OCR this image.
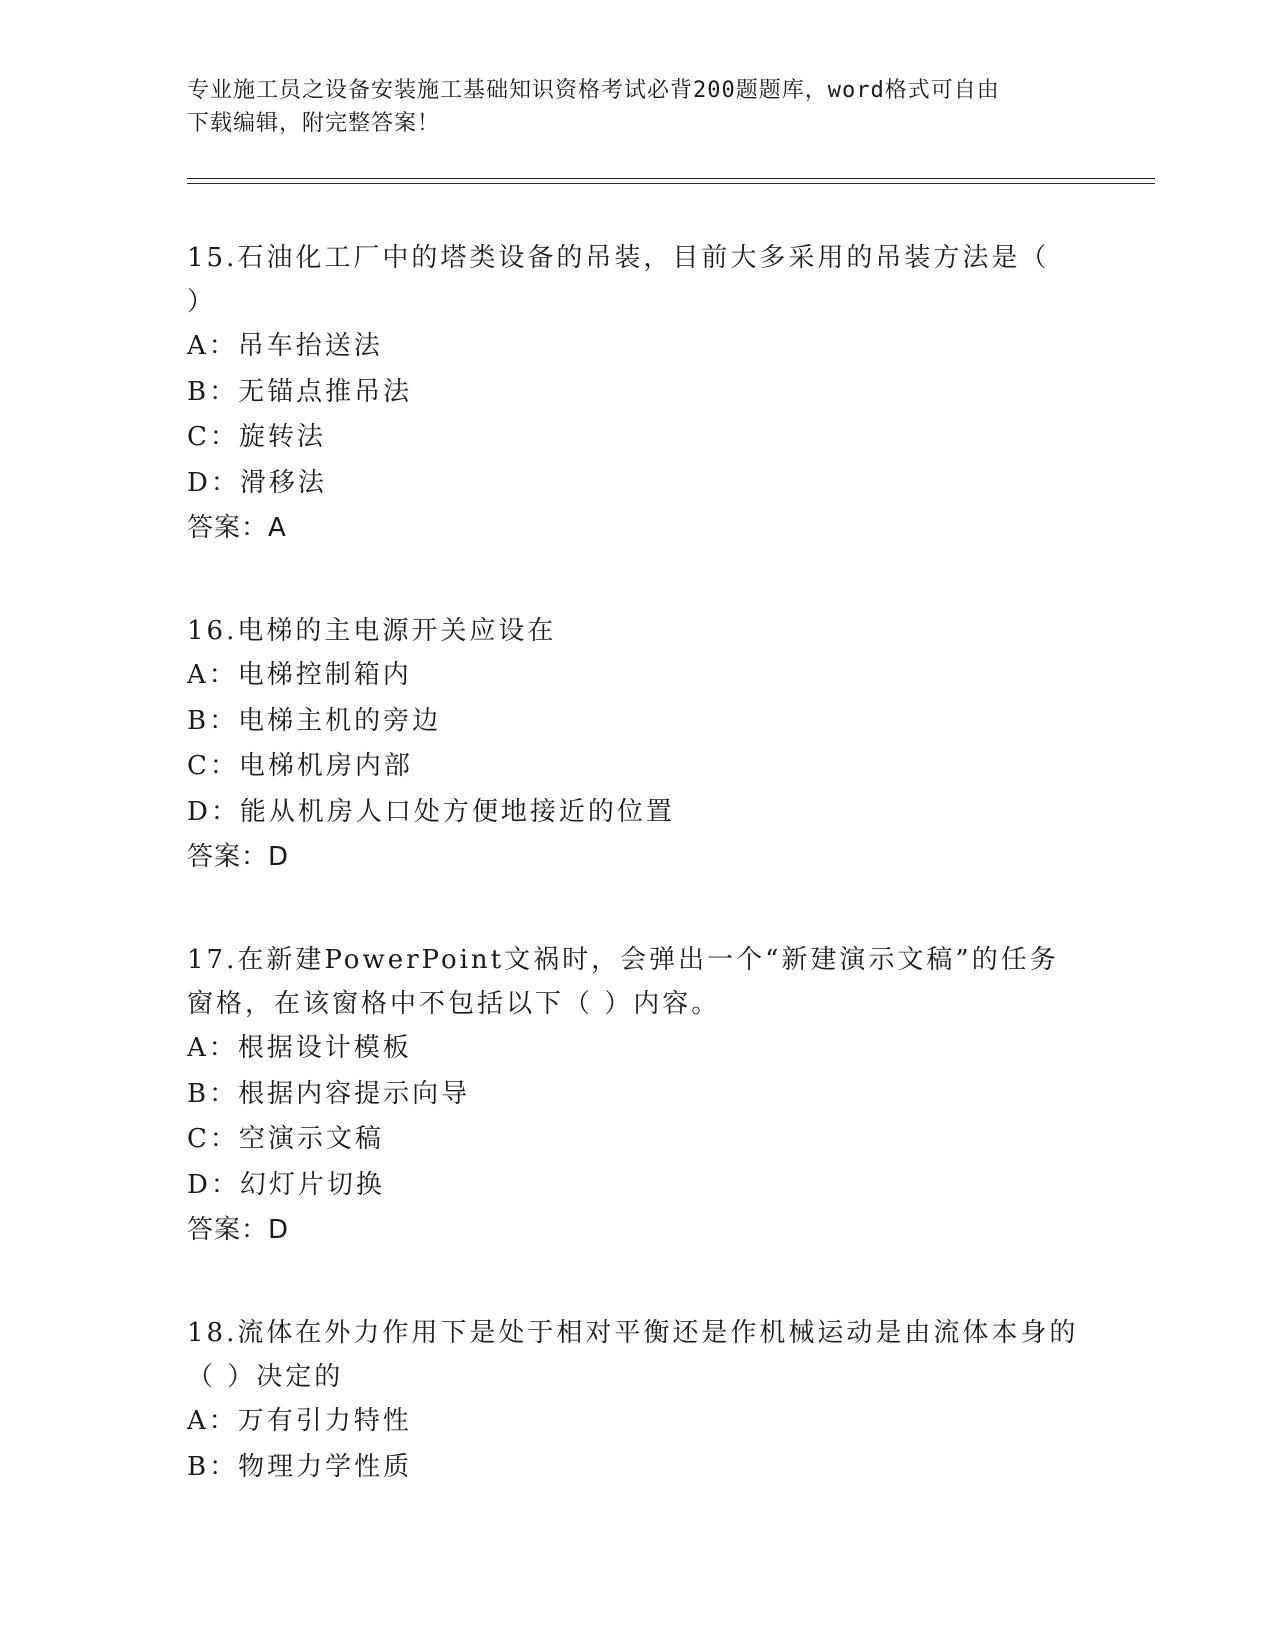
专业施工员之设备安装施工基础知识资格考试必背200题题库，word格式可自由
下载编辑，附完整答案！

15.石油化工厂中的塔类设备的吊装，目前大多采用的吊装方法是（

）

A：吊车抬送法

B：无锚点推吊法

C：旋转法

D：滑移法

答案：A

16.电梯的主电源开关应设在

A：电梯控制箱内

B：电梯主机的旁边

C：电梯机房内部

D：能从机房人口处方便地接近的位置

答案：D

17.在新建PowerPoint文祸时，会弹出一个“新建演示文稿”的任务

窗格，在该窗格中不包括以下（ ）内容。

A：根据设计模板

B：根据内容提示向导

C：空演示文稿

D：幻灯片切换

答案：D

18.流体在外力作用下是处于相对平衡还是作机械运动是由流体本身的

（ ）决定的

A：万有引力特性

B：物理力学性质
